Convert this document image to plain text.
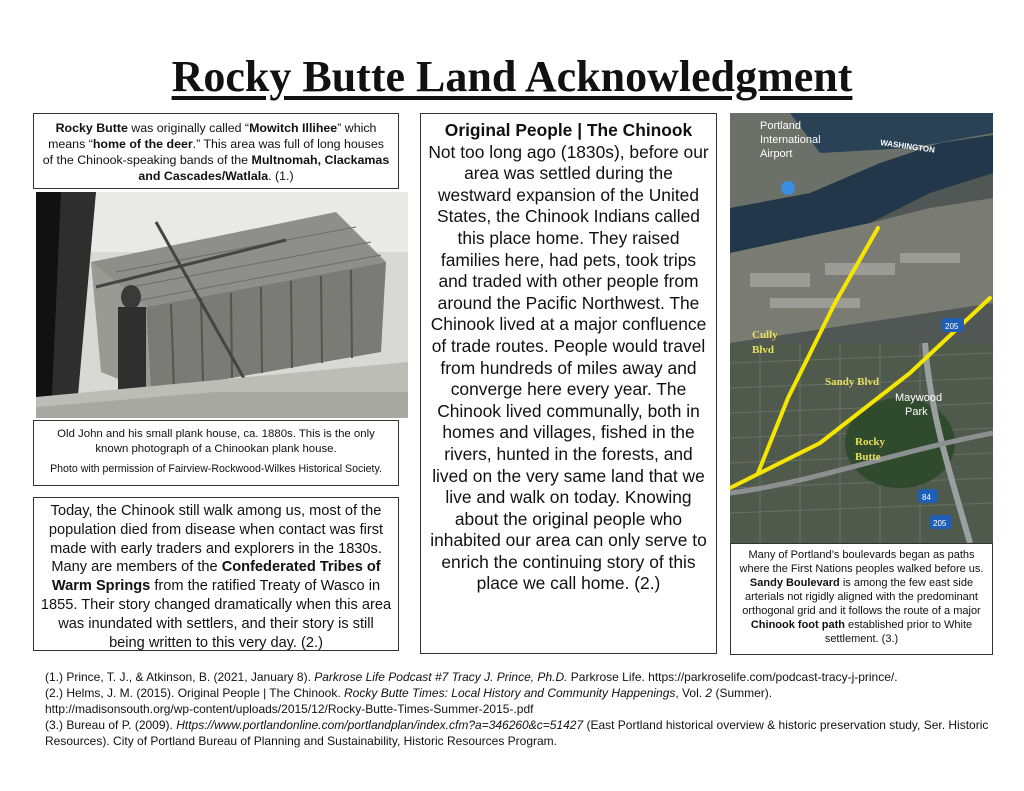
Rocky Butte Land Acknowledgment
Rocky Butte was originally called “Mowitch Illihee” which means “home of the deer.” This area was full of long houses of the Chinook-speaking bands of the Multnomah, Clackamas and Cascades/Watlala. (1.)
Old John and his small plank house, ca. 1880s. This is the only known photograph of a Chinookan plank house.
Photo with permission of Fairview-Rockwood-Wilkes Historical Society.
Today, the Chinook still walk among us, most of the population died from disease when contact was first made with early traders and explorers in the 1830s. Many are members of the Confederated Tribes of Warm Springs from the ratified Treaty of Wasco in 1855. Their story changed dramatically when this area was inundated with settlers, and their story is still being written to this very day. (2.)
Original People | The Chinook
Not too long ago (1830s), before our area was settled during the westward expansion of the United States, the Chinook Indians called this place home. They raised families here, had pets, took trips and traded with other people from around the Pacific Northwest. The Chinook lived at a major confluence of trade routes. People would travel from hundreds of miles away and converge here every year. The Chinook lived communally, both in homes and villages, fished in the rivers, hunted in the forests, and lived on the very same land that we live and walk on today. Knowing about the original people who inhabited our area can only serve to enrich the continuing story of this place we call home. (2.)
Portland
International
Airport	WASHINGTON
Maywood
Park
Cully
Blvd
Sandy Blvd
Rocky
Butte
205
84
205
Many of Portland’s boulevards began as paths where the First Nations peoples walked before us. Sandy Boulevard is among the few east side arterials not rigidly aligned with the predominant orthogonal grid and it follows the route of a major Chinook foot path established prior to White settlement. (3.)

(1.) Prince, T. J., & Atkinson, B. (2021, January 8). Parkrose Life Podcast #7 Tracy J. Prince, Ph.D. Parkrose Life. https://parkroselife.com/podcast-tracy-j-prince/.

(2.) Helms, J. M. (2015). Original People | The Chinook. Rocky Butte Times: Local History and Community Happenings, Vol. 2 (Summer).

http://madisonsouth.org/wp-content/uploads/2015/12/Rocky-Butte-Times-Summer-2015-.pdf

(3.) Bureau of P. (2009). Https://www.portlandonline.com/portlandplan/index.cfm?a=346260&c=51427 (East Portland historical overview & historic preservation study, Ser. Historic Resources). City of Portland Bureau of Planning and Sustainability, Historic Resources Program.
